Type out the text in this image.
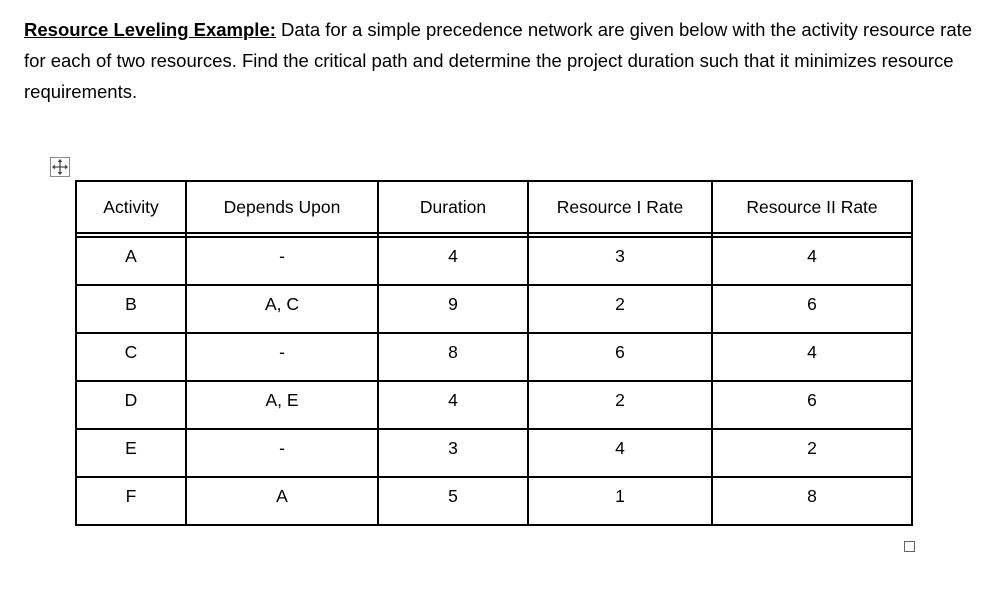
Resource Leveling Example: Data for a simple precedence network are given below with the activity resource rate for each of two resources. Find the critical path and determine the project duration such that it minimizes resource requirements.
Activity	Depends Upon	Duration	Resource I Rate	Resource II Rate

A	-	4	3	4
B	A, C	9	2	6
C	-	8	6	4
D	A, E	4	2	6
E	-	3	4	2
F	A	5	1	8
